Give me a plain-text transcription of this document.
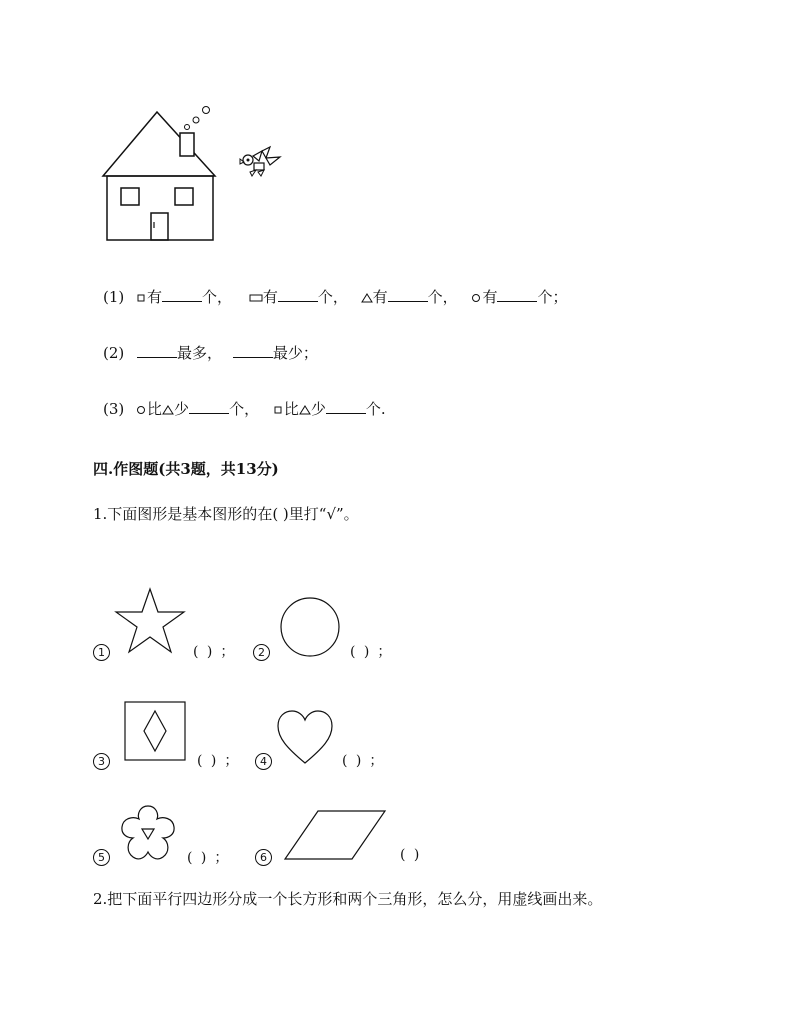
(1) 有	个， 有	个， 有	个， 有	个；
(2)	最多，	最少；
(3) 比 少	个， 比 少	个.
四.作图题(共3题，共13分)
1.下面图形是基本图形的在( )里打“√”。
1	( ) ；	2	( ) ；
3	( ) ；	4	( ) ；
5	( ) ；	6	( )
2.把下面平行四边形分成一个长方形和两个三角形，怎么分，用虚线画出来。
